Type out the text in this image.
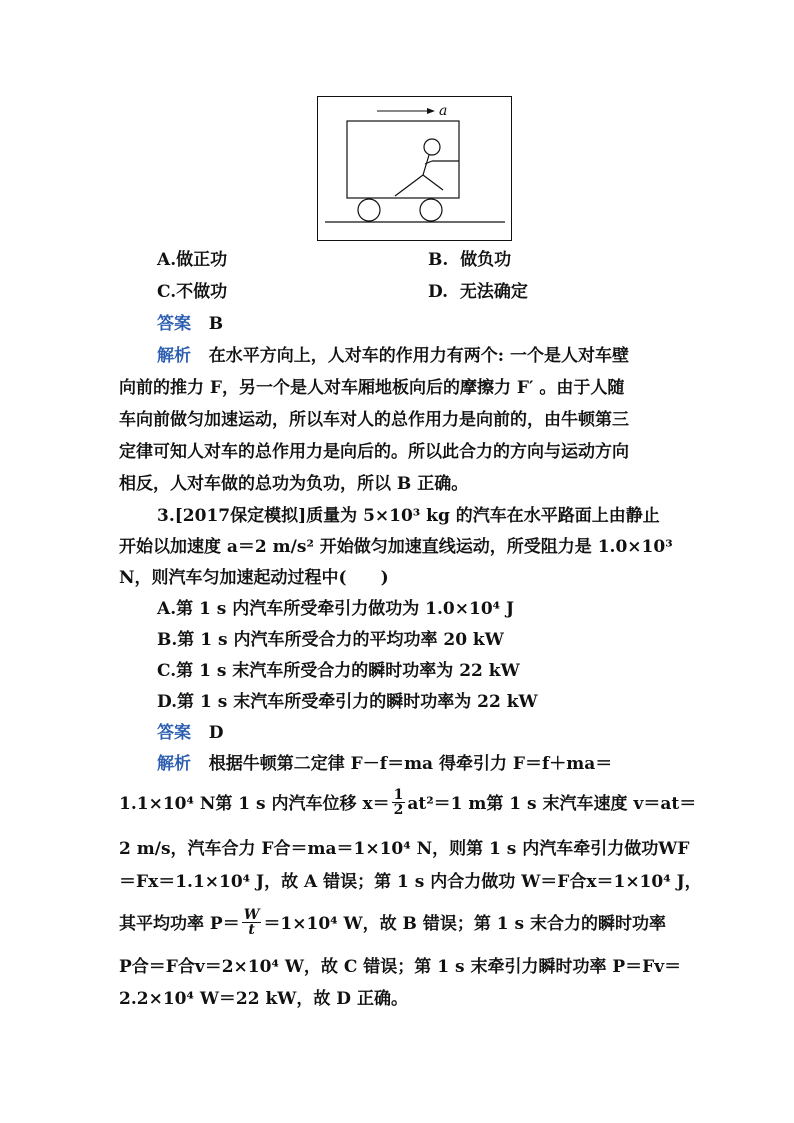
a
A.做正功	B. 做负功
C.不做功	D. 无法确定
答案 B
解析 在水平方向上，人对车的作用力有两个: 一个是人对车壁
向前的推力 F，另一个是人对车厢地板向后的摩擦力 F′ 。由于人随
车向前做匀加速运动，所以车对人的总作用力是向前的，由牛顿第三
定律可知人对车的总作用力是向后的。所以此合力的方向与运动方向
相反，人对车做的总功为负功，所以 B 正确。
3.[2017保定模拟]质量为 5×10³ kg 的汽车在水平路面上由静止
开始以加速度 a＝2 m/s² 开始做匀加速直线运动，所受阻力是 1.0×10³
N，则汽车匀加速起动过程中(　　)
A.第 1 s 内汽车所受牵引力做功为 1.0×10⁴ J
B.第 1 s 内汽车所受合力的平均功率 20 kW
C.第 1 s 末汽车所受合力的瞬时功率为 22 kW
D.第 1 s 末汽车所受牵引力的瞬时功率为 22 kW
答案 D
解析 根据牛顿第二定律 F－f＝ma 得牵引力 F＝f＋ma＝
1.1×10⁴ N第 1 s 内汽车位移 $x= \frac{1}{2} at^2=1$ m第 1 s 末汽车速度 v＝at＝
2 m/s，汽车合力 F合＝ma＝1×10⁴ N，则第 1 s 内汽车牵引力做功WF
＝Fx＝1.1×10⁴ J，故 A 错误；第 1 s 内合力做功 W＝F合x＝1×10⁴ J，
其平均功率 $P= \frac{W}{t} =1\times 10^4$ W，故 B 错误；第 1 s 末合力的瞬时功率
P合＝F合v＝2×10⁴ W，故 C 错误；第 1 s 末牵引力瞬时功率 P＝Fv＝
2.2×10⁴ W＝22 kW，故 D 正确。
